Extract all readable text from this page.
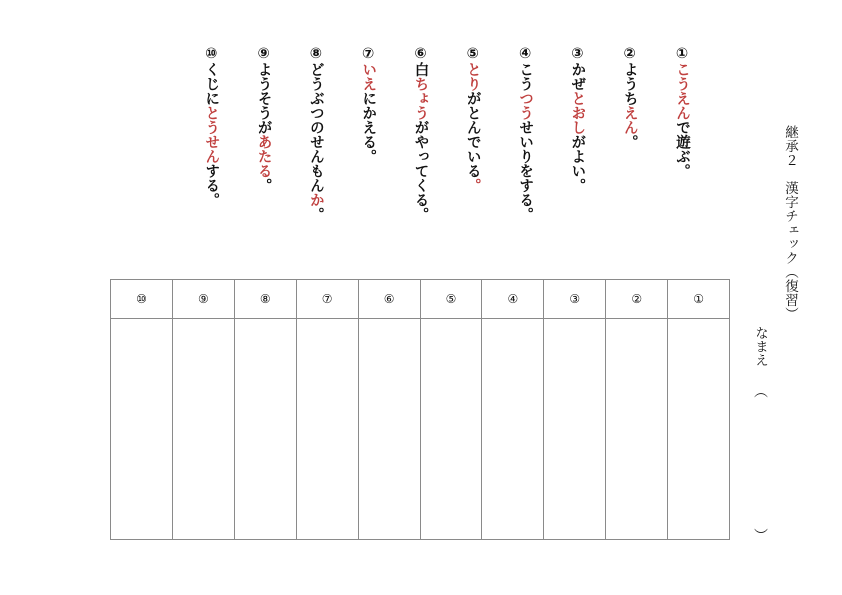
継承２　漢字チェック（復習）
なまえ
（
）
①こうえんで遊ぶ。
②ようちえん。
③かぜとおしがよい。
④こうつうせいりをする。
⑤とりがとんでいる。
⑥白ちょうがやってくる。
⑦いえにかえる。
⑧どうぶつのせんもんか。
⑨ようそうがあたる。
⑩くじにとうせんする。
⑩	⑨	⑧	⑦	⑥	⑤	④	③	②	①
